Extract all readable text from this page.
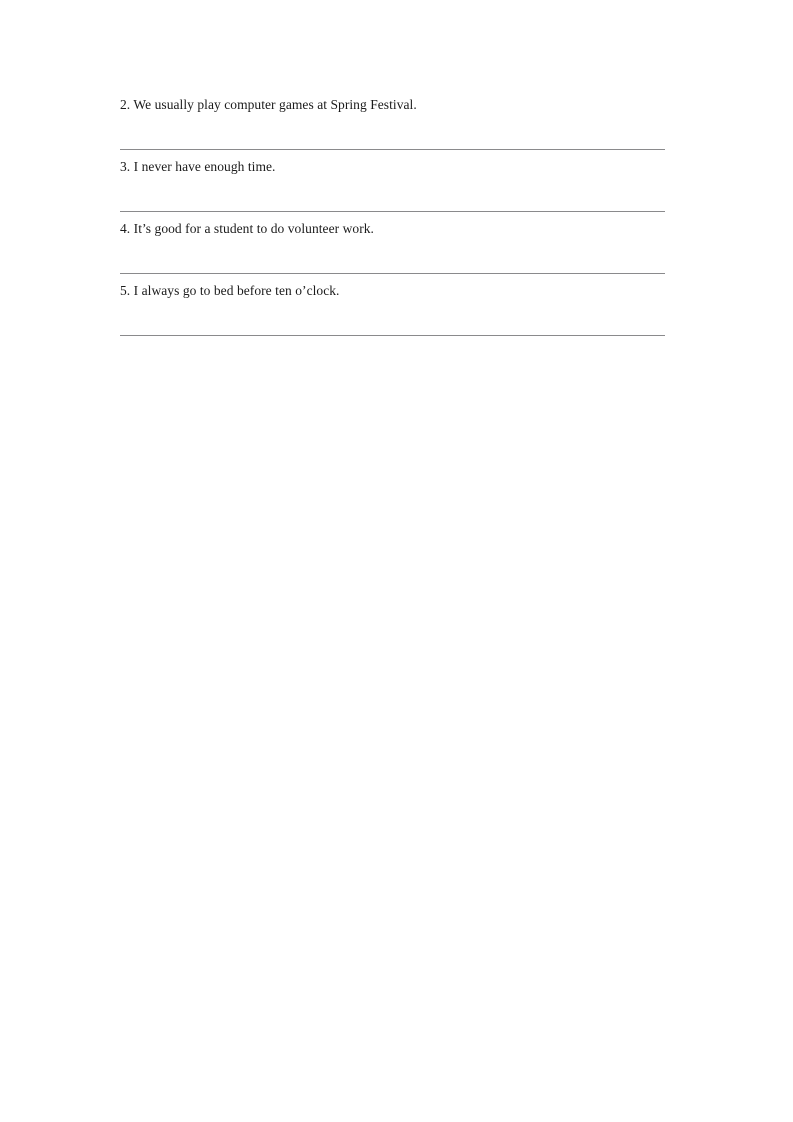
2. We usually play computer games at Spring Festival.

3. I never have enough time.

4. It’s good for a student to do volunteer work.

5. I always go to bed before ten o’clock.
